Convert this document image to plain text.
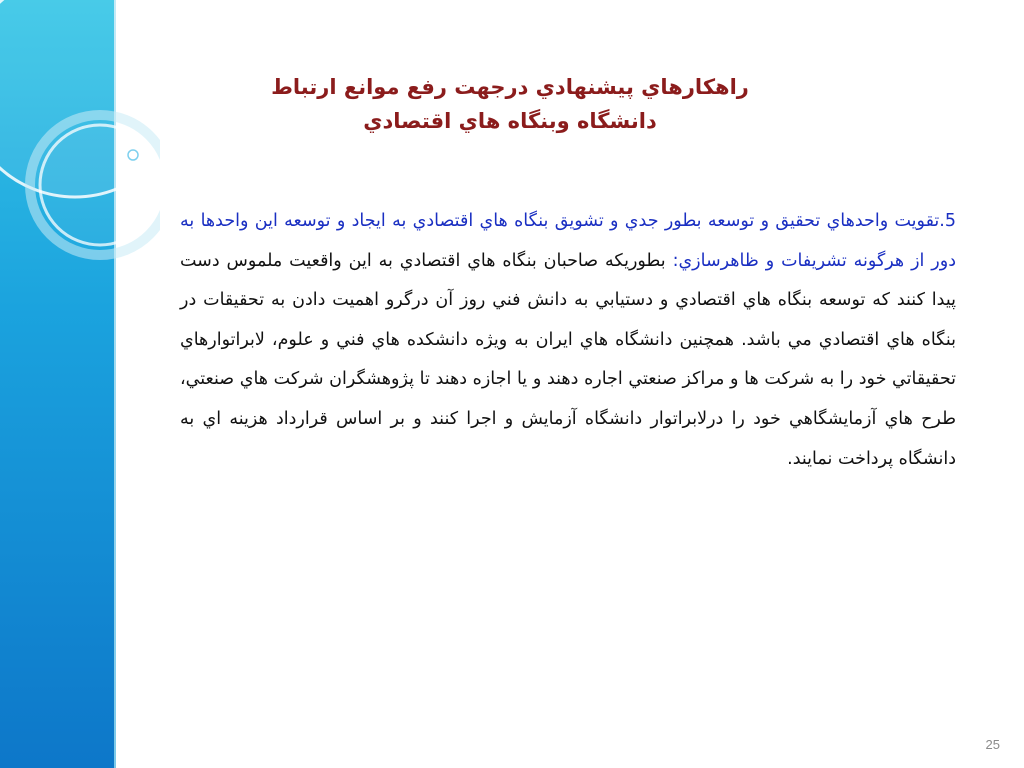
راهكارهاي پيشنهادي درجهت رفع موانع ارتباط
دانشگاه وبنگاه هاي اقتصادي
5.تقويت واحدهاي تحقيق و توسعه بطور جدي و تشويق بنگاه هاي اقتصادي به ايجاد و توسعه اين واحدها به دور از هرگونه تشريفات و ظاهرسازي: بطوريكه صاحبان بنگاه هاي اقتصادي به اين واقعيت ملموس دست پيدا كنند كه توسعه بنگاه هاي اقتصادي و دستيابي به دانش فني روز آن درگرو اهميت دادن به تحقيقات در بنگاه هاي اقتصادي مي باشد. همچنين دانشگاه هاي ايران به ويژه دانشكده هاي فني و علوم، لابراتوارهاي تحقيقاتي خود را به شركت ها و مراكز صنعتي اجاره دهند و يا اجازه دهند تا پژوهشگران شركت هاي صنعتي، طرح هاي آزمايشگاهي خود را درلابراتوار دانشگاه آزمايش و اجرا كنند و بر اساس قرارداد هزينه اي به دانشگاه پرداخت نمايند.
25
